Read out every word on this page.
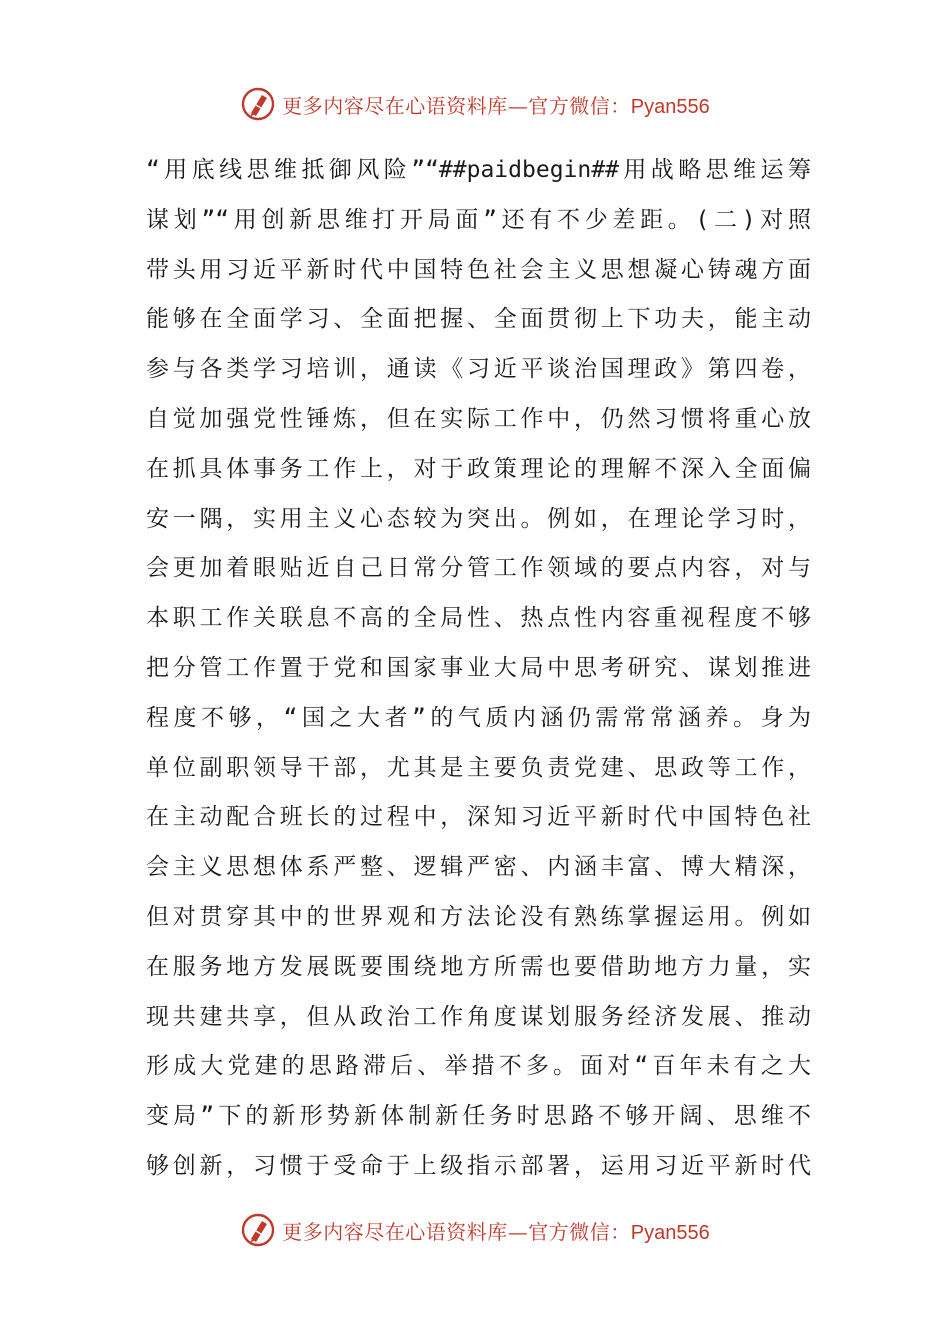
更多内容尽在心语资料库—官方微信：Pyan556
“用底线思维抵御风险”“##paidbegin##用战略思维运筹
谋划”“用创新思维打开局面”还有不少差距。(二)对照
带头用习近平新时代中国特色社会主义思想凝心铸魂方面
能够在全面学习、全面把握、全面贯彻上下功夫，能主动
参与各类学习培训，通读《习近平谈治国理政》第四卷，
自觉加强党性锤炼，但在实际工作中，仍然习惯将重心放
在抓具体事务工作上，对于政策理论的理解不深入全面偏
安一隅，实用主义心态较为突出。例如，在理论学习时，
会更加着眼贴近自己日常分管工作领域的要点内容，对与
本职工作关联息不高的全局性、热点性内容重视程度不够
把分管工作置于党和国家事业大局中思考研究、谋划推进
程度不够，“国之大者”的气质内涵仍需常常涵养。身为
单位副职领导干部，尤其是主要负责党建、思政等工作，
在主动配合班长的过程中，深知习近平新时代中国特色社
会主义思想体系严整、逻辑严密、内涵丰富、博大精深，
但对贯穿其中的世界观和方法论没有熟练掌握运用。例如
在服务地方发展既要围绕地方所需也要借助地方力量，实
现共建共享，但从政治工作角度谋划服务经济发展、推动
形成大党建的思路滞后、举措不多。面对“百年未有之大
变局”下的新形势新体制新任务时思路不够开阔、思维不
够创新，习惯于受命于上级指示部署，运用习近平新时代
更多内容尽在心语资料库—官方微信：Pyan556
